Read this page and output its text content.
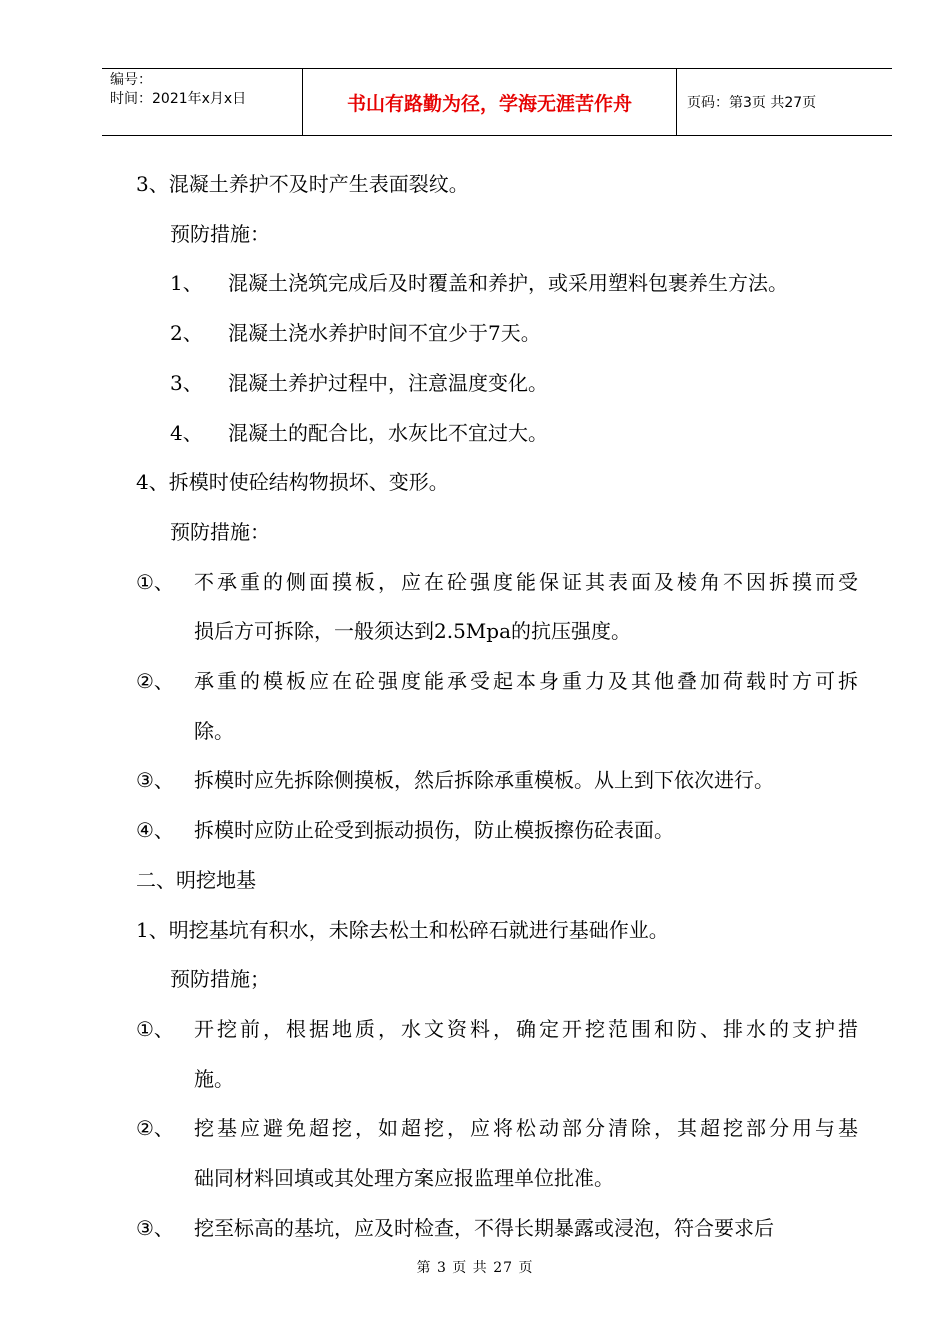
编号：
时间：2021年x月x日	书山有路勤为径，学海无涯苦作舟	页码：第3页 共27页
3、混凝土养护不及时产生表面裂纹。
预防措施：
1、 混凝土浇筑完成后及时覆盖和养护，或采用塑料包裹养生方法。
2、 混凝土浇水养护时间不宜少于7天。
3、 混凝土养护过程中，注意温度变化。
4、 混凝土的配合比，水灰比不宜过大。
4、拆模时使砼结构物损坏、变形。
预防措施：
①、 不承重的侧面摸板，应在砼强度能保证其表面及棱角不因拆摸而受
损后方可拆除，一般须达到2.5Mpa的抗压强度。
②、 承重的模板应在砼强度能承受起本身重力及其他叠加荷载时方可拆
除。
③、 拆模时应先拆除侧摸板，然后拆除承重模板。从上到下依次进行。
④、 拆模时应防止砼受到振动损伤，防止模扳擦伤砼表面。
二、明挖地基
1、明挖基坑有积水，未除去松土和松碎石就进行基础作业。
预防措施；
①、 开挖前，根据地质，水文资料，确定开挖范围和防、排水的支护措
施。
②、 挖基应避免超挖，如超挖，应将松动部分清除，其超挖部分用与基
础同材料回填或其处理方案应报监理单位批准。
③、 挖至标高的基坑，应及时检查，不得长期暴露或浸泡，符合要求后
第 3 页 共 27 页
